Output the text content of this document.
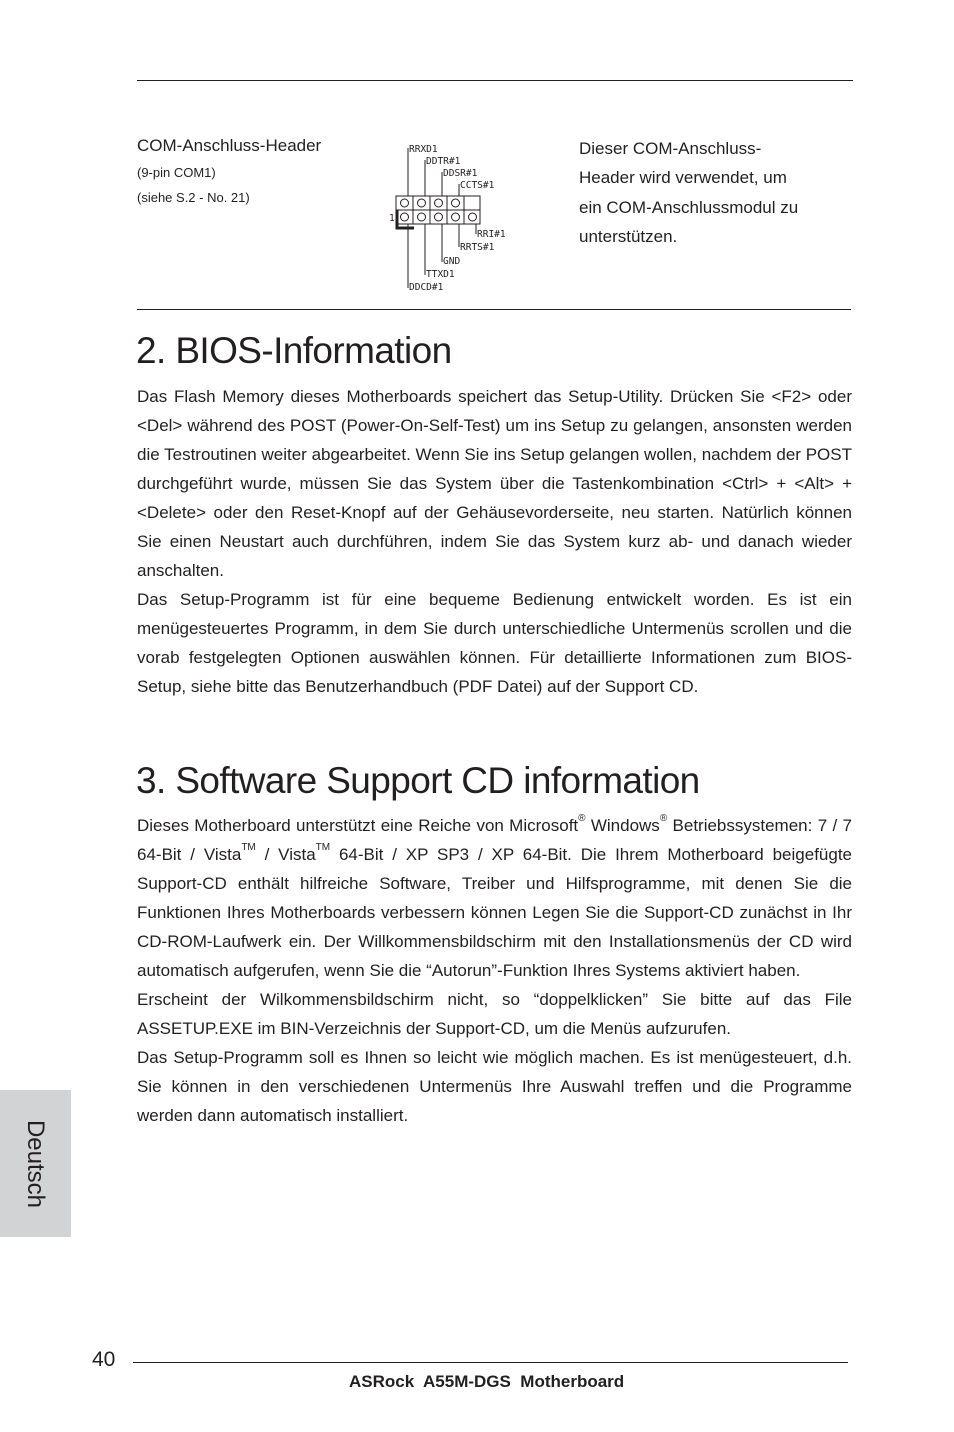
COM-Anschluss-Header
(9-pin COM1)
(siehe S.2 - No. 21)
RRXD1
DDTR#1
DDSR#1
CCTS#1
RRI#1
RRTS#1
GND
TTXD1
DDCD#1
1
Dieser COM-Anschluss-
Header wird verwendet, um
ein COM-Anschlussmodul zu
unterstützen.
2. BIOS-Information

Das Flash Memory dieses Motherboards speichert das Setup-Utility. Drücken Sie <F2> oder <Del> während des POST (Power-On-Self-Test) um ins Setup zu gelangen, ansonsten werden die Testroutinen weiter abgearbeitet. Wenn Sie ins Setup gelangen wollen, nachdem der POST durchgeführt wurde, müssen Sie das System über die Tastenkombination <Ctrl> + <Alt> + <Delete> oder den Reset-Knopf auf der Gehäusevorderseite, neu starten. Natürlich können Sie einen Neustart auch durchführen, indem Sie das System kurz ab- und danach wieder anschalten.

Das Setup-Programm ist für eine bequeme Bedienung entwickelt worden. Es ist ein menügesteuertes Programm, in dem Sie durch unterschiedliche Untermenüs scrollen und die vorab festgelegten Optionen auswählen können. Für detaillierte Informationen zum BIOS-Setup, siehe bitte das Benutzerhandbuch (PDF Datei) auf der Support CD.

3. Software Support CD information

Dieses Motherboard unterstützt eine Reiche von Microsoft® Windows® Betriebssystemen: 7 / 7 64-Bit / Vista™ / Vista™ 64-Bit / XP SP3 / XP 64-Bit. Die Ihrem Motherboard beigefügte Support-CD enthält hilfreiche Software, Treiber und Hilfsprogramme, mit denen Sie die Funktionen Ihres Motherboards verbessern können Legen Sie die Support-CD zunächst in Ihr CD-ROM-Laufwerk ein. Der Willkommensbildschirm mit den Installationsmenüs der CD wird automatisch aufgerufen, wenn Sie die “Autorun”-Funktion Ihres Systems aktiviert haben.

Erscheint der Wilkommensbildschirm nicht, so “doppelklicken” Sie bitte auf das File ASSETUP.EXE im BIN-Verzeichnis der Support-CD, um die Menüs aufzurufen.

Das Setup-Programm soll es Ihnen so leicht wie möglich machen. Es ist menügesteuert, d.h. Sie können in den verschiedenen Untermenüs Ihre Auswahl treffen und die Programme werden dann automatisch installiert.

Deutsch
40
ASRock  A55M-DGS  Motherboard
